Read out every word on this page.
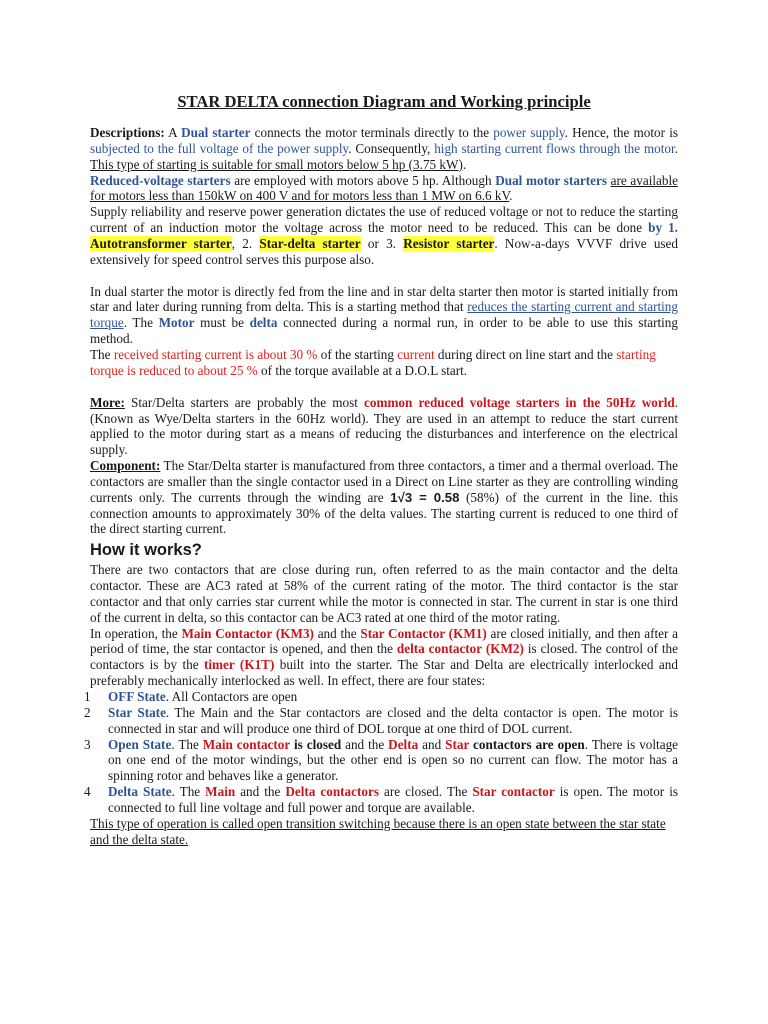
STAR DELTA connection Diagram and Working principle

Descriptions: A Dual starter connects the motor terminals directly to the power supply. Hence, the motor is subjected to the full voltage of the power supply. Consequently, high starting current flows through the motor. This type of starting is suitable for small motors below 5 hp (3.75 kW).

Reduced-voltage starters are employed with motors above 5 hp. Although Dual motor starters are available for motors less than 150kW on 400 V and for motors less than 1 MW on 6.6 kV.

Supply reliability and reserve power generation dictates the use of reduced voltage or not to reduce the starting current of an induction motor the voltage across the motor need to be reduced. This can be done by 1. Autotransformer starter, 2. Star-delta starter or 3. Resistor starter. Now-a-days VVVF drive used extensively for speed control serves this purpose also.

In dual starter the motor is directly fed from the line and in star delta starter then motor is started initially from star and later during running from delta. This is a starting method that reduces the starting current and starting torque. The Motor must be delta connected during a normal run, in order to be able to use this starting method.

The received starting current is about 30 % of the starting current during direct on line start and the starting torque is reduced to about 25 % of the torque available at a D.O.L start.

More: Star/Delta starters are probably the most common reduced voltage starters in the 50Hz world. (Known as Wye/Delta starters in the 60Hz world). They are used in an attempt to reduce the start current applied to the motor during start as a means of reducing the disturbances and interference on the electrical supply.

Component: The Star/Delta starter is manufactured from three contactors, a timer and a thermal overload. The contactors are smaller than the single contactor used in a Direct on Line starter as they are controlling winding currents only. The currents through the winding are 1√3 = 0.58 (58%) of the current in the line. this connection amounts to approximately 30% of the delta values. The starting current is reduced to one third of the direct starting current.

How it works?

There are two contactors that are close during run, often referred to as the main contactor and the delta contactor. These are AC3 rated at 58% of the current rating of the motor. The third contactor is the star contactor and that only carries star current while the motor is connected in star. The current in star is one third of the current in delta, so this contactor can be AC3 rated at one third of the motor rating.

In operation, the Main Contactor (KM3) and the Star Contactor (KM1) are closed initially, and then after a period of time, the star contactor is opened, and then the delta contactor (KM2) is closed. The control of the contactors is by the timer (K1T) built into the starter. The Star and Delta are electrically interlocked and preferably mechanically interlocked as well. In effect, there are four states:

1	OFF State. All Contactors are open
2	Star State. The Main and the Star contactors are closed and the delta contactor is open. The motor is connected in star and will produce one third of DOL torque at one third of DOL current.
3	Open State. The Main contactor is closed and the Delta and Star contactors are open. There is voltage on one end of the motor windings, but the other end is open so no current can flow. The motor has a spinning rotor and behaves like a generator.
4	Delta State. The Main and the Delta contactors are closed. The Star contactor is open. The motor is connected to full line voltage and full power and torque are available.

This type of operation is called open transition switching because there is an open state between the star state and the delta state.
